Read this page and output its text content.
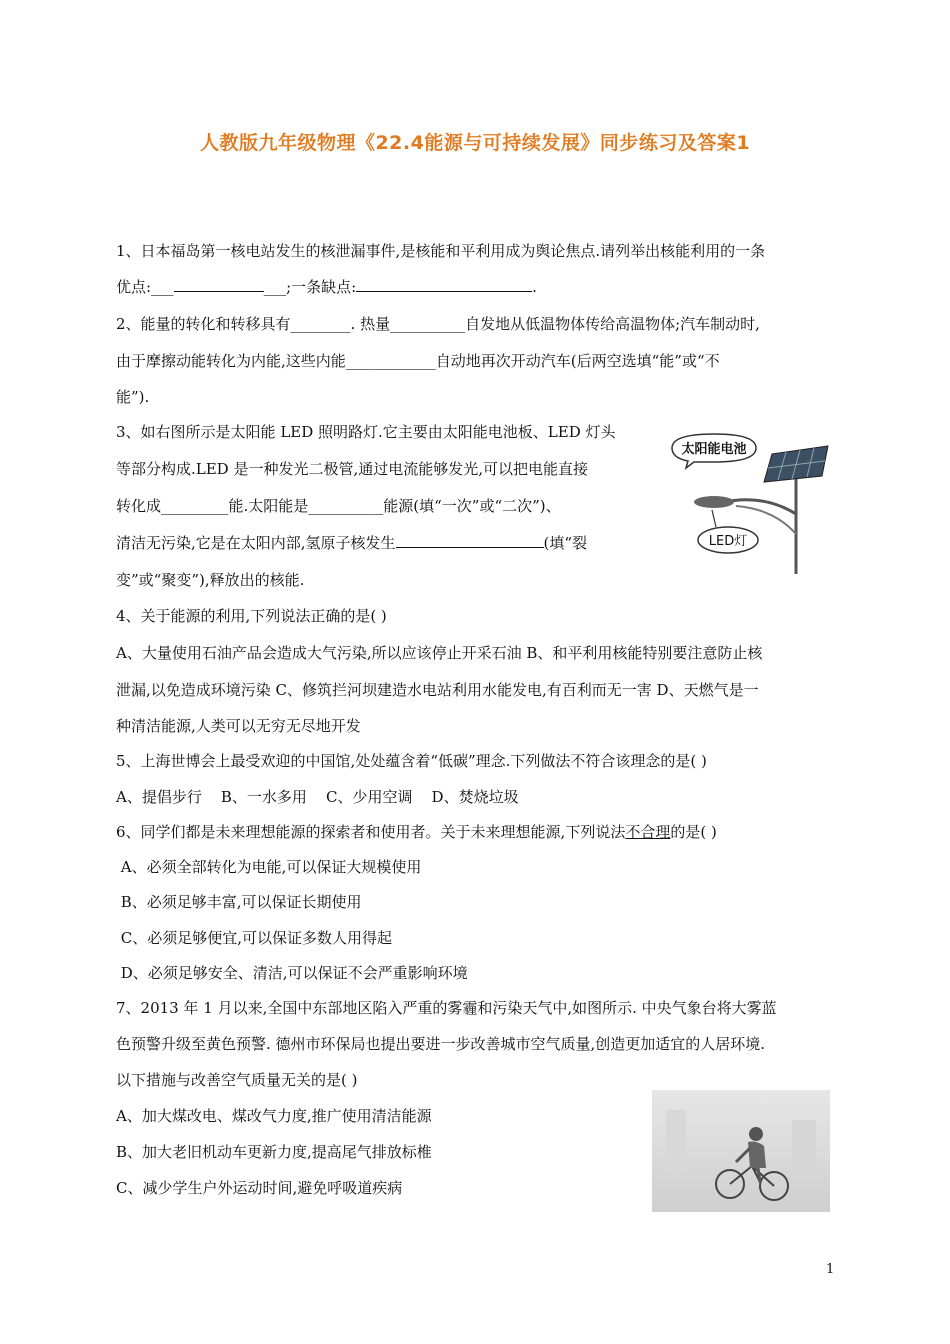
人教版九年级物理《22.4能源与可持续发展》同步练习及答案1
1、日本福岛第一核电站发生的核泄漏事件,是核能和平利用成为舆论焦点.请列举出核能利用的一条
优点:___	___;一条缺点:	.
2、能量的转化和转移具有________. 热量__________自发地从低温物体传给高温物体;汽车制动时,
由于摩擦动能转化为内能,这些内能____________自动地再次开动汽车(后两空选填“能”或“不
能”).
3、如右图所示是太阳能 LED 照明路灯.它主要由太阳能电池板、LED 灯头
等部分构成.LED 是一种发光二极管,通过电流能够发光,可以把电能直接
转化成_________能.太阳能是__________能源(填“一次”或“二次”)、
清洁无污染,它是在太阳内部,氢原子核发生	(填“裂
变”或“聚变”),释放出的核能.
太阳能电池
LED灯
4、关于能源的利用,下列说法正确的是( )
A、大量使用石油产品会造成大气污染,所以应该停止开采石油 B、和平利用核能特别要注意防止核
泄漏,以免造成环境污染 C、修筑拦河坝建造水电站利用水能发电,有百利而无一害 D、天燃气是一
种清洁能源,人类可以无穷无尽地开发
5、上海世博会上最受欢迎的中国馆,处处蕴含着“低碳”理念.下列做法不符合该理念的是( )
A、提倡步行    B、一水多用    C、少用空调    D、焚烧垃圾
6、同学们都是未来理想能源的探索者和使用者。关于未来理想能源,下列说法不合理的是( )
A、必须全部转化为电能,可以保证大规模使用
B、必须足够丰富,可以保证长期使用
C、必须足够便宜,可以保证多数人用得起
D、必须足够安全、清洁,可以保证不会严重影响环境
7、2013 年 1 月以来,全国中东部地区陷入严重的雾霾和污染天气中,如图所示. 中央气象台将大雾蓝
色预警升级至黄色预警. 德州市环保局也提出要进一步改善城市空气质量,创造更加适宜的人居环境.
以下措施与改善空气质量无关的是( )
A、加大煤改电、煤改气力度,推广使用清洁能源
B、加大老旧机动车更新力度,提高尾气排放标椎
C、减少学生户外运动时间,避免呼吸道疾病
1
